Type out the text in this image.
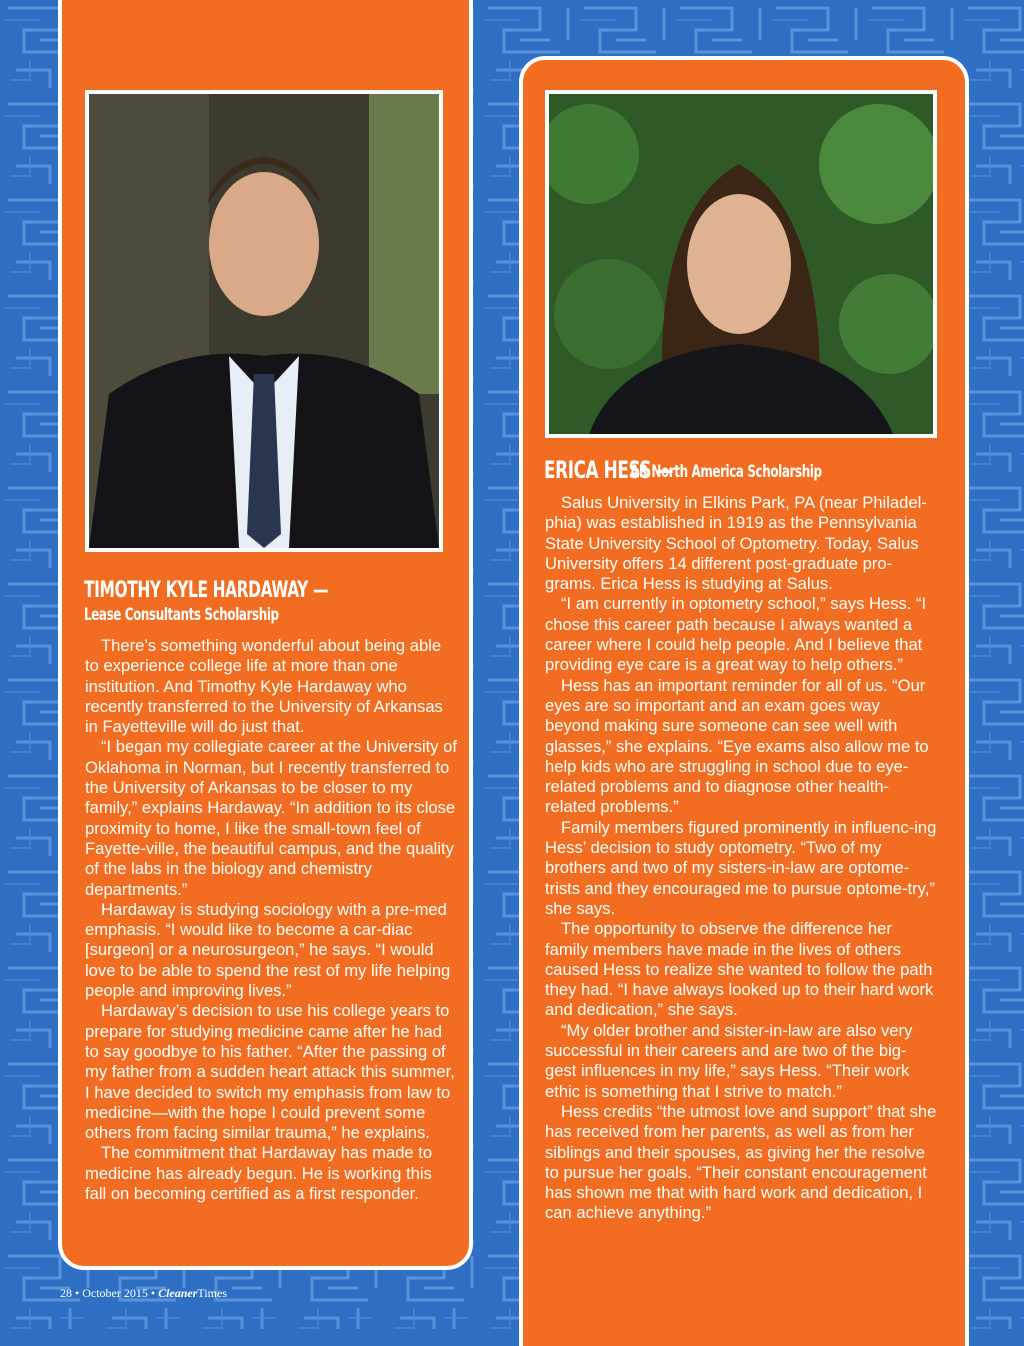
TIMOTHY KYLE HARDAWAY —
Lease Consultants Scholarship

There’s something wonderful about being able to experience college life at more than one institution. And Timothy Kyle Hardaway who recently transferred to the University of Arkansas in Fayetteville will do just that.

“I began my collegiate career at the University of Oklahoma in Norman, but I recently transferred to the University of Arkansas to be closer to my family,” explains Hardaway. “In addition to its close proximity to home, I like the small-town feel of Fayette-ville, the beautiful campus, and the quality of the labs in the biology and chemistry departments.”

Hardaway is studying sociology with a pre-med emphasis. “I would like to become a car-diac [surgeon] or a neurosurgeon,” he says. “I would love to be able to spend the rest of my life helping people and improving lives.”

Hardaway’s decision to use his college years to prepare for studying medicine came after he had to say goodbye to his father. “After the passing of my father from a sudden heart attack this summer, I have decided to switch my emphasis from law to medicine—with the hope I could prevent some others from facing similar trauma,” he explains.

The commitment that Hardaway has made to medicine has already begun. He is working this fall on becoming certified as a first responder.

ERICA HESS —
AR North America Scholarship

Salus University in Elkins Park, PA (near Philadel-phia) was established in 1919 as the Pennsylvania State University School of Optometry. Today, Salus University offers 14 different post-graduate pro-grams. Erica Hess is studying at Salus.

“I am currently in optometry school,” says Hess. “I chose this career path because I always wanted a career where I could help people. And I believe that providing eye care is a great way to help others.”

Hess has an important reminder for all of us. “Our eyes are so important and an exam goes way beyond making sure someone can see well with glasses,” she explains. “Eye exams also allow me to help kids who are struggling in school due to eye-related problems and to diagnose other health-related problems.”

Family members figured prominently in influenc-ing Hess’ decision to study optometry. “Two of my brothers and two of my sisters-in-law are optome-trists and they encouraged me to pursue optome-try,” she says.

The opportunity to observe the difference her family members have made in the lives of others caused Hess to realize she wanted to follow the path they had. “I have always looked up to their hard work and dedication,” she says.

“My older brother and sister-in-law are also very successful in their careers and are two of the big-gest influences in my life,” says Hess. “Their work ethic is something that I strive to match.”

Hess credits “the utmost love and support” that she has received from her parents, as well as from her siblings and their spouses, as giving her the resolve to pursue her goals. “Their constant encouragement has shown me that with hard work and dedication, I can achieve anything.”

28 • October 2015 • CleanerTimes
